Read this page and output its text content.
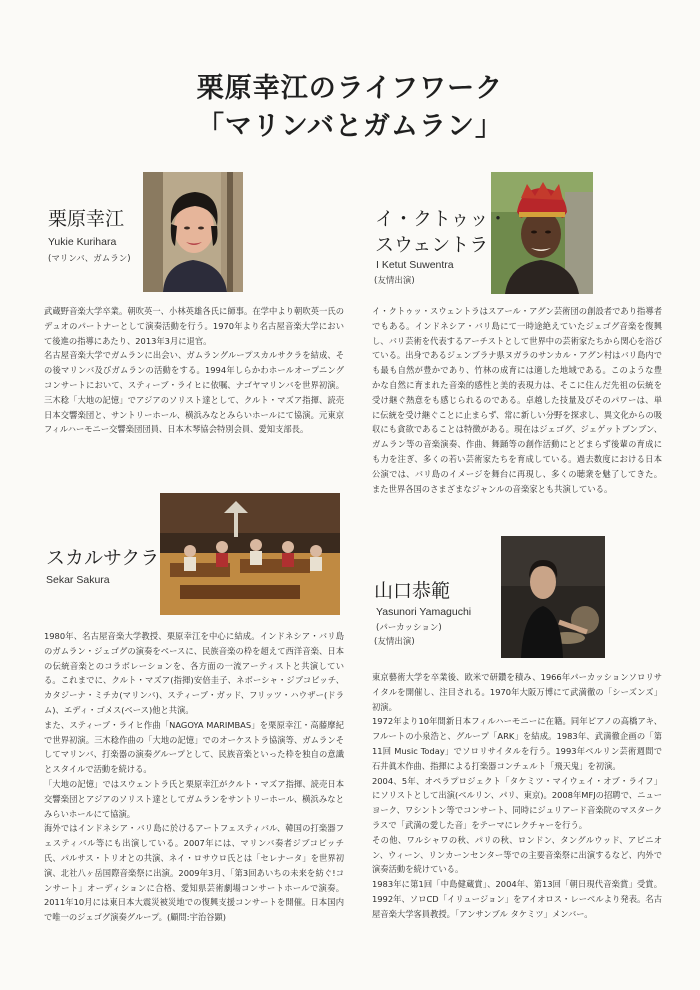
栗原幸江のライフワーク
「マリンバとガムラン」
栗原幸江
Yukie Kurihara
(マリンバ、ガムラン)

武蔵野音楽大学卒業。朝吹英一、小林英雄各氏に師事。在学中より朝吹英一氏のデュオのパートナーとして演奏活動を行う。1970年より名古屋音楽大学において後進の指導にあたり、2013年3月に退官。

名古屋音楽大学でガムランに出会い、ガムラングループスカルサクラを結成、その後マリンバ及びガムランの活動をする。1994年しらかわホールオープニングコンサートにおいて、スティーブ・ライヒに依嘱、ナゴヤマリンバを世界初演。三木稔「大地の記憶」でアジアのソリスト達として、クルト・マズア指揮、読売日本交響楽団と、サントリーホール、横浜みなとみらいホールにて協演。元東京フィルハーモニー交響楽団団員、日本木琴協会特別会員、愛知支部長。

イ・クトゥッ・
スウェントラ
I Ketut Suwentra
(友情出演)

イ・クトゥッ・スウェントラはスアール・アグン芸術団の創設者であり指導者でもある。インドネシア・バリ島にて一時途絶えていたジェゴグ音楽を復興し、バリ芸術を代表するアーチストとして世界中の芸術家たちから関心を浴びている。出身であるジェンブラナ県ヌガラのサンカル・アグン村はバリ島内でも最も自然が豊かであり、竹林の成育には適した地域である。このような豊かな自然に育まれた音楽的感性と美的表現力は、そこに住んだ先祖の伝統を受け継ぐ熱意をも感じられるのである。卓越した技量及びそのパワーは、単に伝統を受け継ぐことに止まらず、常に新しい分野を探求し、異文化からの吸収にも貪欲であることは特徴がある。現在はジェゴグ、ジェゲットブンブン、ガムラン等の音楽演奏、作曲、舞踊等の創作活動にとどまらず後輩の育成にも力を注ぎ、多くの若い芸術家たちを育成している。過去数度における日本公演では、バリ島のイメージを舞台に再現し、多くの聴衆を魅了してきた。また世界各国のさまざまなジャンルの音楽家とも共演している。

スカルサクラ
Sekar Sakura

1980年、名古屋音楽大学教授、栗原幸江を中心に結成。インドネシア・バリ島のガムラン・ジェゴグの演奏をベースに、民族音楽の枠を超えて西洋音楽、日本の伝統音楽とのコラボレーションを、各方面の一流アーティストと共演している。これまでに、クルト・マズア(指揮)安倍圭子、ネボーシャ・ジブコビッチ、カタジーナ・ミチカ(マリンバ)、スティーブ・ガッド、フリッツ・ハウザー(ドラム)、エディ・ゴメス(ベース)他と共演。

また、スティーブ・ライヒ作曲「NAGOYA MARIMBAS」を栗原幸江・高藤摩紀で世界初演。三木稔作曲の「大地の記憶」でのオーケストラ協演等、ガムランそしてマリンバ、打楽器の演奏グループとして、民族音楽といった枠を独自の意識とスタイルで活動を続ける。

「大地の記憶」ではスウェントラ氏と栗原幸江がクルト・マズア指揮、読売日本交響楽団とアジアのソリスト達としてガムランをサントリーホール、横浜みなとみらいホールにて協演。

海外ではインドネシア・バリ島に於けるアートフェスティバル、韓国の打楽器フェスティバル等にも出演している。2007年には、マリンバ奏者ジブコビッチ氏、パルサス・トリオとの共演、ネイ・ロサウロ氏とは「セレナータ」を世界初演、北社八ヶ岳国際音楽祭に出演。2009年3月、「第3回あいちの未来を紡ぐ!コンサート」オーディションに合格、愛知県芸術劇場コンサートホールで演奏。2011年10月には東日本大震災被災地での復興支援コンサートを開催。日本国内で唯一のジェゴグ演奏グループ。(顧問:宇治谷顕)

山口恭範
Yasunori Yamaguchi
(パーカッション)
(友情出演)

東京藝術大学を卒業後、欧米で研鑽を積み、1966年パーカッションソロリサイタルを開催し、注目される。1970年大阪万博にて武満徹の「シーズンズ」初演。

1972年より10年間新日本フィルハーモニーに在籍。同年ピアノの高橋アキ、フルートの小泉浩と、グループ「ARK」を結成。1983年、武満徹企画の「第11回 Music Today」でソロリサイタルを行う。1993年ベルリン芸術週間で石井眞木作曲、指揮による打楽器コンチェルト「飛天鬼」を初演。

2004、5年、オペラプロジェクト「タケミツ・マイウェイ・オブ・ライフ」にソリストとして出演(ベルリン、パリ、東京)。2008年MFJの招聘で、ニューヨーク、ワシントン等でコンサート、同時にジュリアード音楽院のマスタークラスで「武満の愛した音」をテーマにレクチャーを行う。

その他、ワルシャワの秋、パリの秋、ロンドン、タングルウッド、アビニオン、ウィーン、リンカーンセンター等での主要音楽祭に出演するなど、内外で演奏活動を続けている。

1983年に第1回「中島健蔵賞」、2004年、第13回「朝日現代音楽賞」受賞。1992年、ソロCD「イリュージョン」をアイオロス・レーベルより発表。名古屋音楽大学客員教授。「アンサンブル タケミツ」メンバー。
